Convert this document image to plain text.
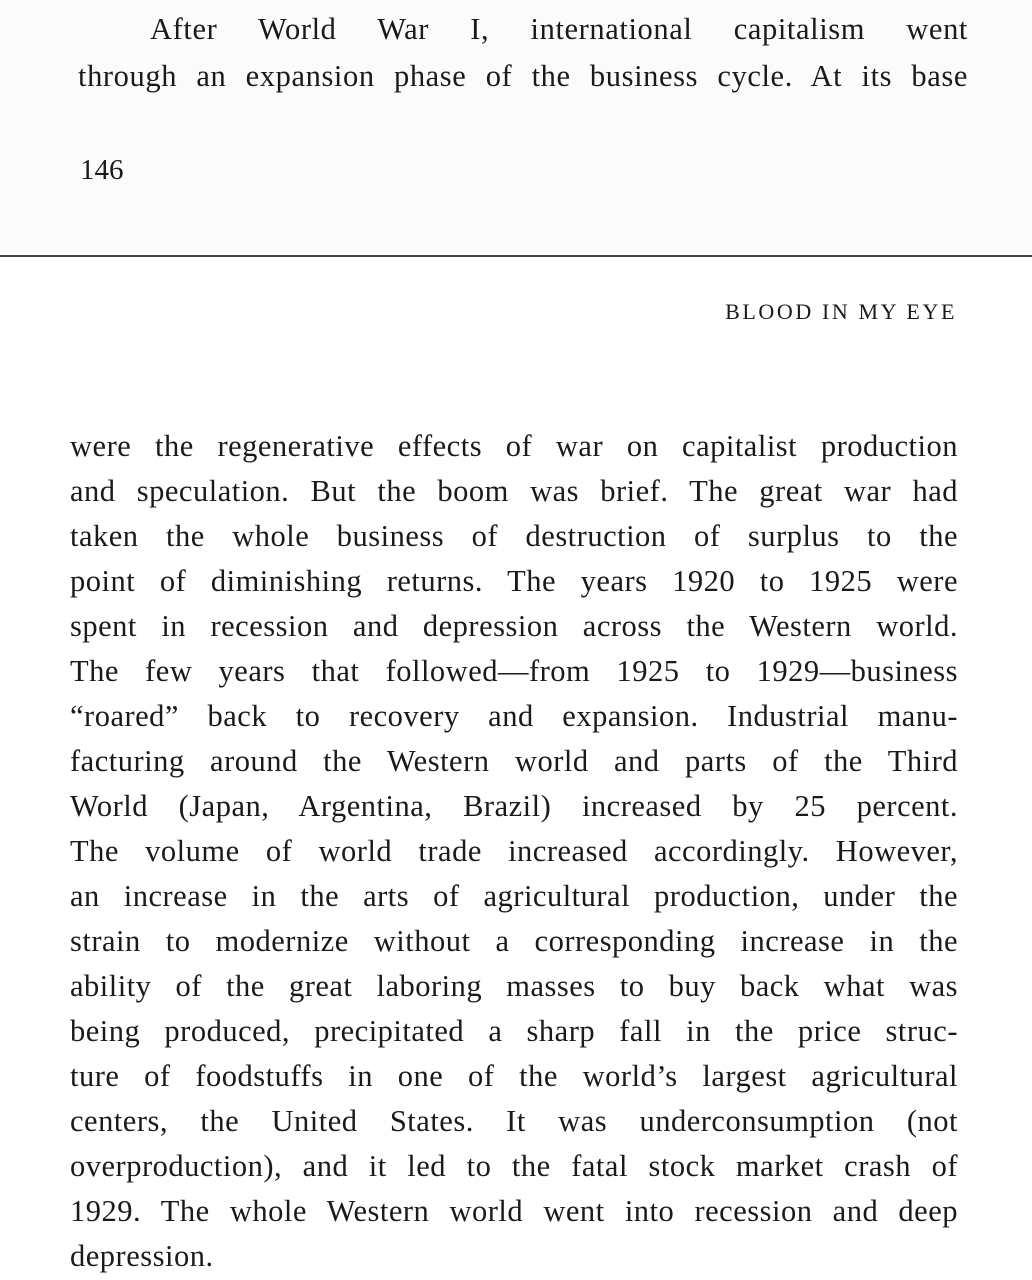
After World War I, international capitalism went
through an expansion phase of the business cycle. At its base

146

BLOOD IN MY EYE

were the regenerative effects of war on capitalist production
and speculation. But the boom was brief. The great war had
taken the whole business of destruction of surplus to the
point of diminishing returns. The years 1920 to 1925 were
spent in recession and depression across the Western world.
The few years that followed—from 1925 to 1929—business
“roared” back to recovery and expansion. Industrial manu-
facturing around the Western world and parts of the Third
World (Japan, Argentina, Brazil) increased by 25 percent.
The volume of world trade increased accordingly. However,
an increase in the arts of agricultural production, under the
strain to modernize without a corresponding increase in the
ability of the great laboring masses to buy back what was
being produced, precipitated a sharp fall in the price struc-
ture of foodstuffs in one of the world’s largest agricultural
centers, the United States. It was underconsumption (not
overproduction), and it led to the fatal stock market crash of
1929. The whole Western world went into recession and deep
depression.
